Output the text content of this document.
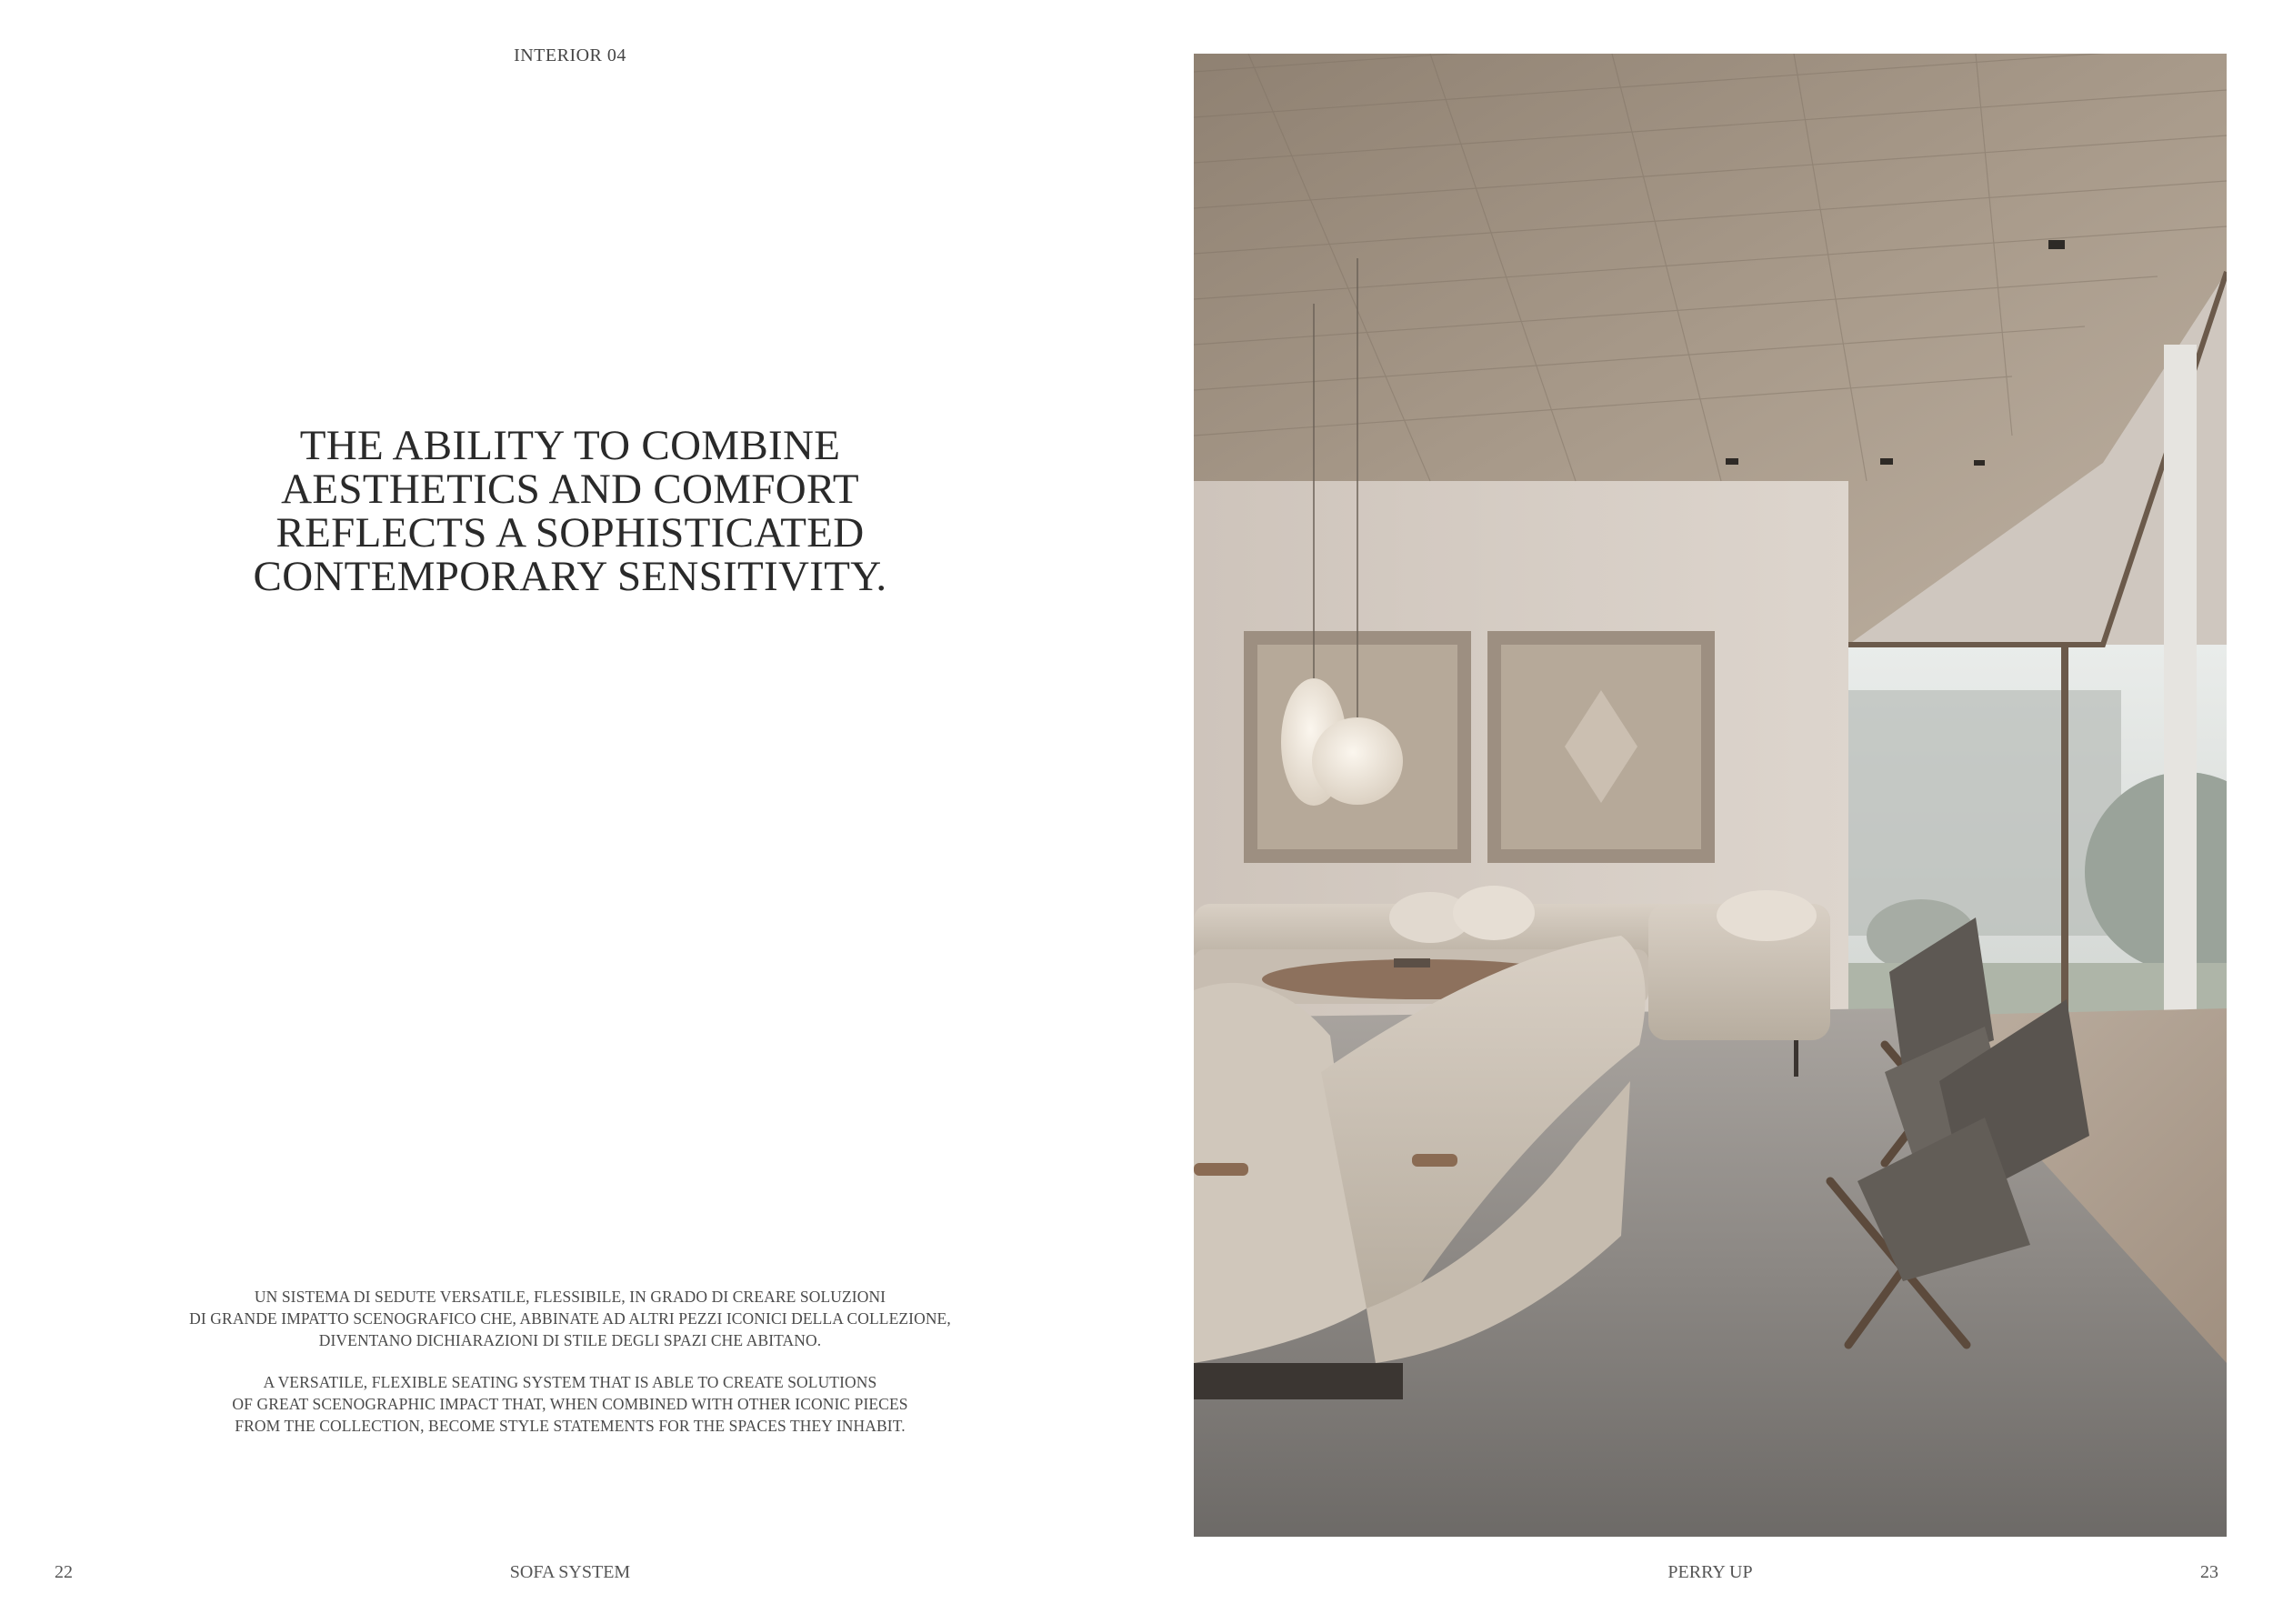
INTERIOR 04
THE ABILITY TO COMBINE
AESTHETICS AND COMFORT
REFLECTS A SOPHISTICATED
CONTEMPORARY SENSITIVITY.
UN SISTEMA DI SEDUTE VERSATILE, FLESSIBILE, IN GRADO DI CREARE SOLUZIONI
DI GRANDE IMPATTO SCENOGRAFICO CHE, ABBINATE AD ALTRI PEZZI ICONICI DELLA COLLEZIONE,
DIVENTANO DICHIARAZIONI DI STILE DEGLI SPAZI CHE ABITANO.
A VERSATILE, FLEXIBLE SEATING SYSTEM THAT IS ABLE TO CREATE SOLUTIONS
OF GREAT SCENOGRAPHIC IMPACT THAT, WHEN COMBINED WITH OTHER ICONIC PIECES
FROM THE COLLECTION, BECOME STYLE STATEMENTS FOR THE SPACES THEY INHABIT.
22	SOFA SYSTEM	PERRY UP	23
